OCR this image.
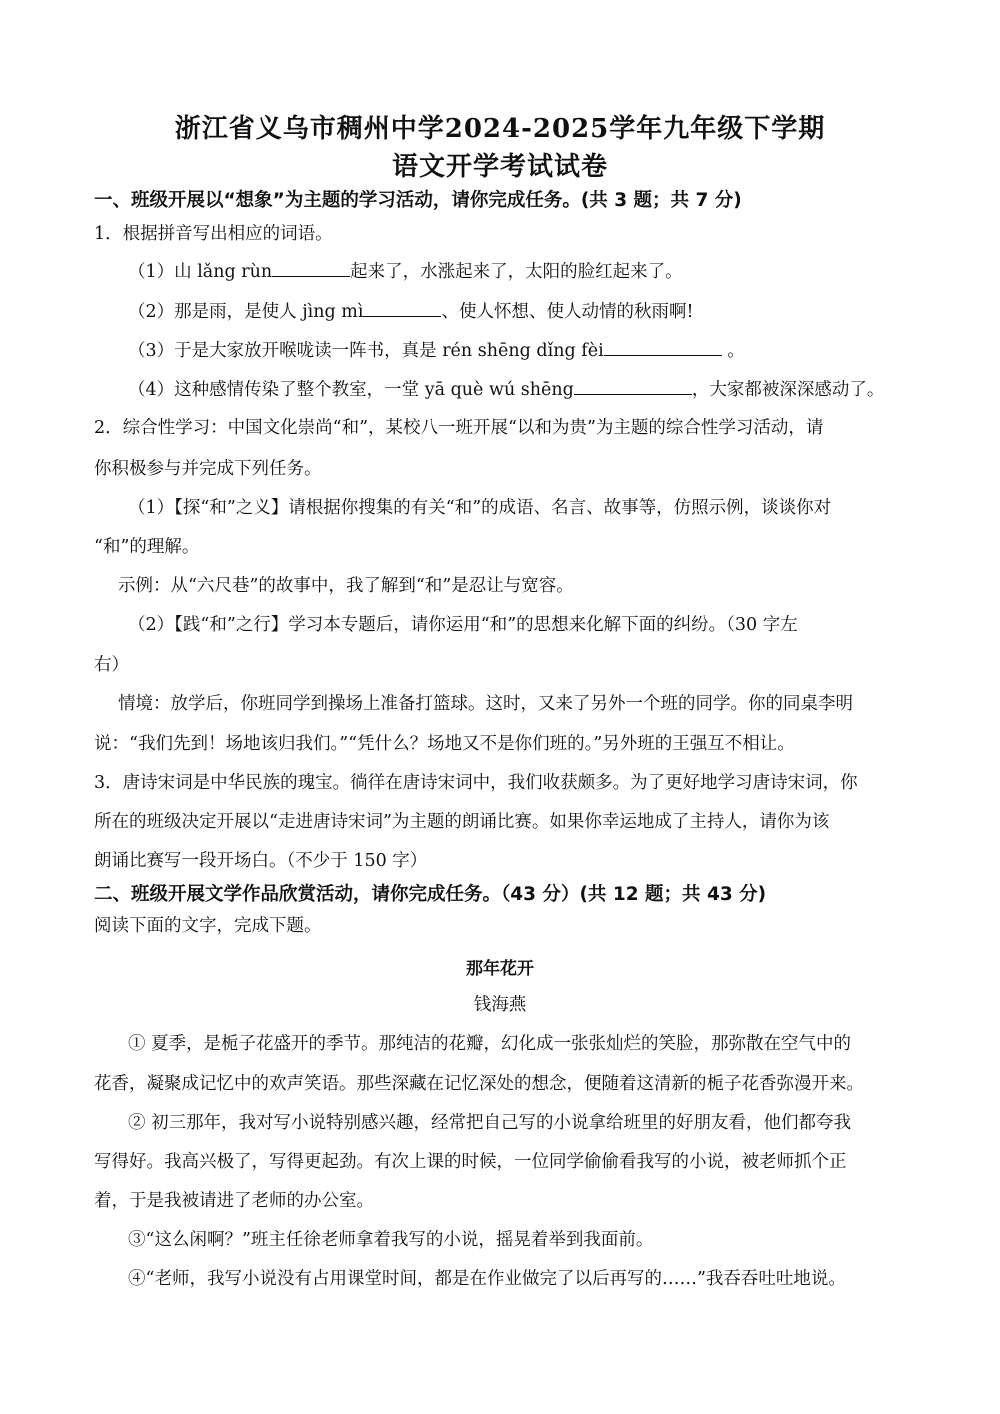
浙江省义乌市稠州中学2024-2025学年九年级下学期
语文开学考试试卷
一、班级开展以“想象”为主题的学习活动，请你完成任务。(共 3 题；共 7 分)
1．根据拼音写出相应的词语。
（1）山 lǎng rùn	起来了，水涨起来了，太阳的脸红起来了。
（2）那是雨，是使人 jìng mì	、使人怀想、使人动情的秋雨啊!
（3）于是大家放开喉咙读一阵书，真是 rén shēng dǐng fèi	。
（4）这种感情传染了整个教室，一堂 yā què wú shēng	，大家都被深深感动了。
2．综合性学习：中国文化崇尚“和”，某校八一班开展“以和为贵”为主题的综合性学习活动，请
你积极参与并完成下列任务。
（1）【探“和”之义】请根据你搜集的有关“和”的成语、名言、故事等，仿照示例，谈谈你对
“和”的理解。
示例：从“六尺巷”的故事中，我了解到“和”是忍让与宽容。
（2）【践“和”之行】学习本专题后，请你运用“和”的思想来化解下面的纠纷。（30 字左
右）
情境：放学后，你班同学到操场上准备打篮球。这时，又来了另外一个班的同学。你的同桌李明
说：“我们先到！场地该归我们。”“凭什么？场地又不是你们班的。”另外班的王强互不相让。
3．唐诗宋词是中华民族的瑰宝。徜徉在唐诗宋词中，我们收获颇多。为了更好地学习唐诗宋词，你
所在的班级决定开展以“走进唐诗宋词”为主题的朗诵比赛。如果你幸运地成了主持人，请你为该
朗诵比赛写一段开场白。（不少于 150 字）
二、班级开展文学作品欣赏活动，请你完成任务。（43 分）(共 12 题；共 43 分)
阅读下面的文字，完成下题。
那年花开
钱海燕
① 夏季，是栀子花盛开的季节。那纯洁的花瓣，幻化成一张张灿烂的笑脸，那弥散在空气中的
花香，凝聚成记忆中的欢声笑语。那些深藏在记忆深处的想念，便随着这清新的栀子花香弥漫开来。
② 初三那年，我对写小说特别感兴趣，经常把自己写的小说拿给班里的好朋友看，他们都夸我
写得好。我高兴极了，写得更起劲。有次上课的时候，一位同学偷偷看我写的小说，被老师抓个正
着，于是我被请进了老师的办公室。
③“这么闲啊？”班主任徐老师拿着我写的小说，摇晃着举到我面前。
④“老师，我写小说没有占用课堂时间，都是在作业做完了以后再写的……”我吞吞吐吐地说。
